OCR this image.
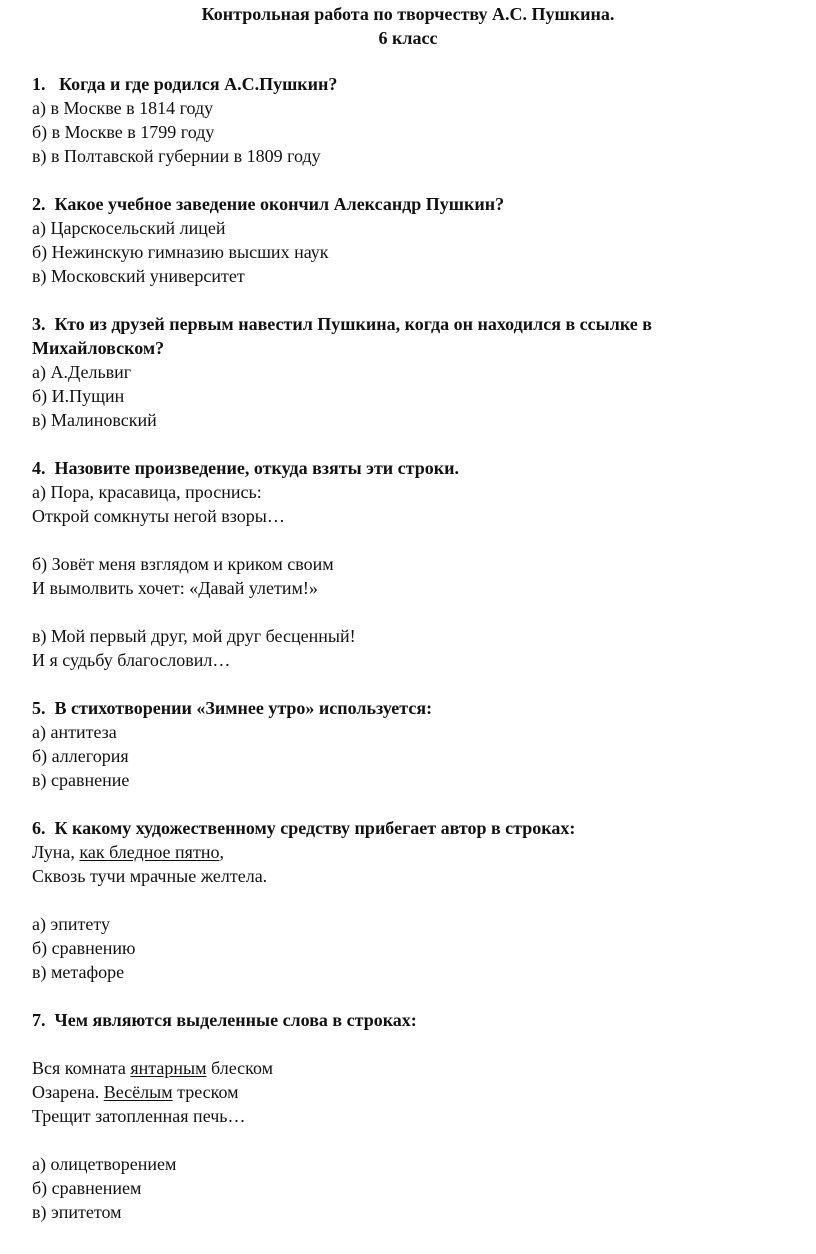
Контрольная работа по творчеству А.С. Пушкина.
6 класс
1. Когда и где родился А.С.Пушкин?
а) в Москве в 1814 году
б) в Москве в 1799 году
в) в Полтавской губернии в 1809 году
2. Какое учебное заведение окончил Александр Пушкин?
а) Царскосельский лицей
б) Нежинскую гимназию высших наук
в) Московский университет
3. Кто из друзей первым навестил Пушкина, когда он находился в ссылке в
Михайловском?
а) А.Дельвиг
б) И.Пущин
в) Малиновский
4. Назовите произведение, откуда взяты эти строки.
а) Пора, красавица, проснись:
Открой сомкнуты негой взоры…
б) Зовёт меня взглядом и криком своим
И вымолвить хочет: «Давай улетим!»
в) Мой первый друг, мой друг бесценный!
И я судьбу благословил…
5. В стихотворении «Зимнее утро» используется:
а) антитеза
б) аллегория
в) сравнение
6. К какому художественному средству прибегает автор в строках:
Луна, как бледное пятно,
Сквозь тучи мрачные желтела.
а) эпитету
б) сравнению
в) метафоре
7. Чем являются выделенные слова в строках:
Вся комната янтарным блеском
Озарена. Весёлым треском
Трещит затопленная печь…
а) олицетворением
б) сравнением
в) эпитетом
